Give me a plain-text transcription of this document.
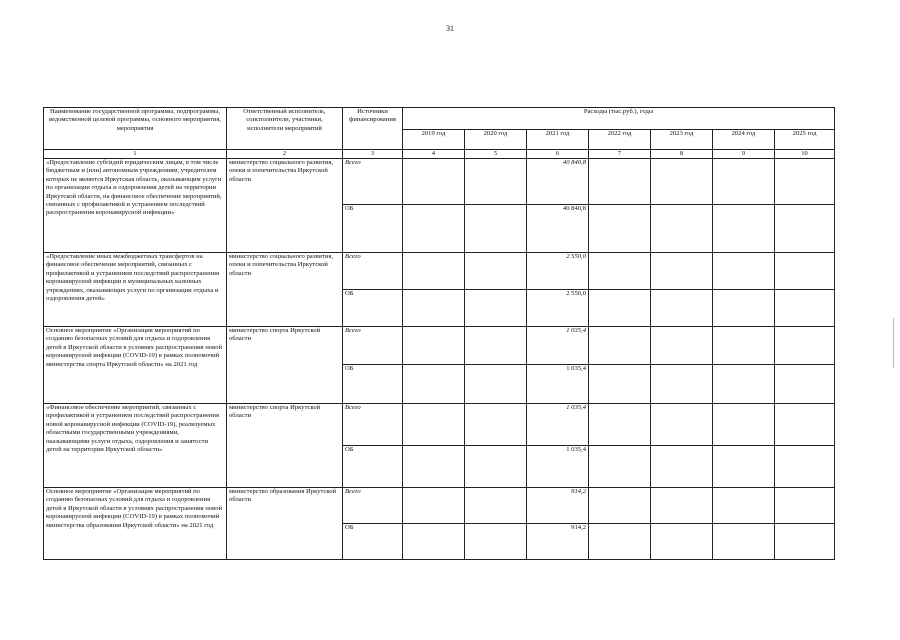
31
Наименование государственной программы, подпрограммы, ведомственной целевой программы, основного мероприятия, мероприятия	Ответственный исполнитель, соисполнители, участники, исполнители мероприятий	Источники финансирования	Расходы (тыс.руб.), годы						
			2019 год	2020 год	2021 год	2022 год	2023 год	2024 год	2025 год
1	2	3	4	5	6	7	8	9	10
«Предоставление субсидий юридическим лицам, в том числе бюджетным и (или) автономным учреждениям, учредителем которых не является Иркутская область, оказывающим услуги по организации отдыха и оздоровления детей на территории Иркутской области, на финансовое обеспечение мероприятий, связанных с профилактикой и устранением последствий распространения коронавирусной инфекции»	министерство социального развития, опеки и попечительства Иркутской области	Всего			40 840,8				
		ОБ			40 840,8				
«Предоставление иных межбюджетных трансфертов на финансовое обеспечение мероприятий, связанных с профилактикой и устранением последствий распространения коронавирусной инфекции в муниципальных казенных учреждениях, оказывающих услуги по организации отдыха и оздоровления детей»	министерство социального развития, опеки и попечительства Иркутской области	Всего			2 550,0				
		ОБ			2 550,0				
Основное мероприятие «Организация мероприятий по созданию безопасных условий для отдыха и оздоровления детей в Иркутской области в условиях распространения новой коронавирусной инфекции (COVID-19) в рамках полномочий министерства спорта Иркутской области» на 2021 год	министерство спорта Иркутской области	Всего			1 035,4				
		ОБ			1 035,4				
«Финансовое обеспечение мероприятий, связанных с профилактикой и устранением последствий распространения новой коронавирусной инфекции (COVID-19), реализуемых областными государственными учреждениями, оказывающими услуги отдыха, оздоровления и занятости детей на территории Иркутской области»	министерство спорта Иркутской области	Всего			1 035,4				
		ОБ			1 035,4				
Основное мероприятие «Организация мероприятий по созданию безопасных условий для отдыха и оздоровления детей в Иркутской области в условиях распространения новой коронавирусной инфекции (COVID-19) в рамках полномочий министерства образования Иркутской области» на 2021 год	министерство образования Иркутской области	Всего			914,2				
		ОБ			914,2				
